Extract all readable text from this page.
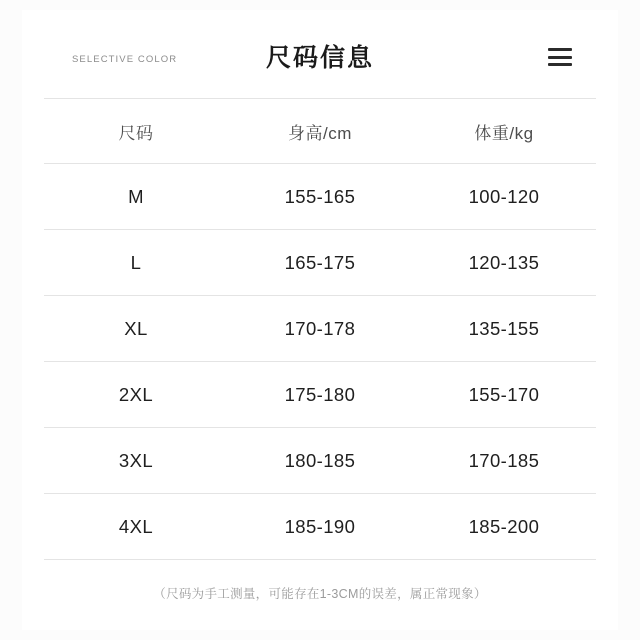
SELECTIVE COLOR	尺码信息
尺码	身高/cm	体重/kg
M	155-165	100-120
L	165-175	120-135
XL	170-178	135-155
2XL	175-180	155-170
3XL	180-185	170-185
4XL	185-190	185-200
（尺码为手工测量，可能存在1-3CM的误差，属正常现象）
